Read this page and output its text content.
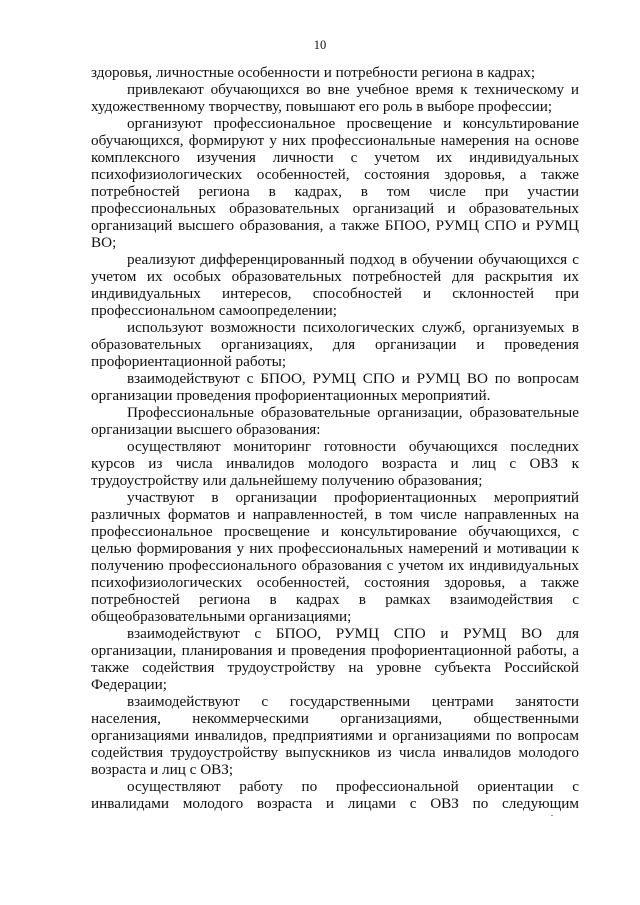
10

здоровья, личностные особенности и потребности региона в кадрах;

привлекают обучающихся во вне учебное время к техническому и художественному творчеству, повышают его роль в выборе профессии;

организуют профессиональное просвещение и консультирование обучающихся, формируют у них профессиональные намерения на основе комплексного изучения личности с учетом их индивидуальных психофизиологических особенностей, состояния здоровья, а также потребностей региона в кадрах, в том числе при участии профессиональных образовательных организаций и образовательных организаций высшего образования, а также БПОО, РУМЦ СПО и РУМЦ ВО;

реализуют дифференцированный подход в обучении обучающихся с учетом их особых образовательных потребностей для раскрытия их индивидуальных интересов, способностей и склонностей при профессиональном самоопределении;

используют возможности психологических служб, организуемых в образовательных организациях, для организации и проведения профориентационной работы;

взаимодействуют с БПОО, РУМЦ СПО и РУМЦ ВО по вопросам организации проведения профориентационных мероприятий.

Профессиональные образовательные организации, образовательные организации высшего образования:

осуществляют мониторинг готовности обучающихся последних курсов из числа инвалидов молодого возраста и лиц с ОВЗ к трудоустройству или дальнейшему получению образования;

участвуют в организации профориентационных мероприятий различных форматов и направленностей, в том числе направленных на профессиональное просвещение и консультирование обучающихся, с целью формирования у них профессиональных намерений и мотивации к получению профессионального образования с учетом их индивидуальных психофизиологических особенностей, состояния здоровья, а также потребностей региона в кадрах в рамках взаимодействия с общеобразовательными организациями;

взаимодействуют с БПОО, РУМЦ СПО и РУМЦ ВО для организации, планирования и проведения профориентационной работы, а также содействия трудоустройству на уровне субъекта Российской Федерации;

взаимодействуют с государственными центрами занятости населения, некоммерческими организациями, общественными организациями инвалидов, предприятиями и организациями по вопросам содействия трудоустройству выпускников из числа инвалидов молодого возраста и лиц с ОВЗ;

осуществляют работу по профессиональной ориентации с инвалидами молодого возраста и лицами с ОВЗ по следующим
